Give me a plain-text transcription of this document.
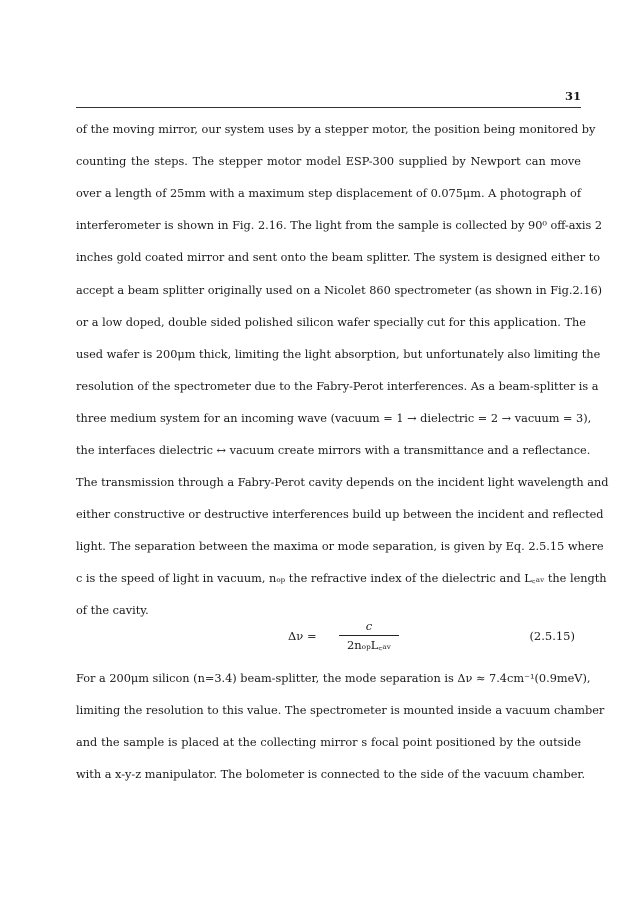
31
of the moving mirror, our system uses by a stepper motor, the position being monitored by
counting the steps. The stepper motor model ESP-300 supplied by Newport can move
over a length of 25mm with a maximum step displacement of 0.075μm. A photograph of
interferometer is shown in Fig. 2.16. The light from the sample is collected by 90⁰ off-axis 2
inches gold coated mirror and sent onto the beam splitter. The system is designed either to
accept a beam splitter originally used on a Nicolet 860 spectrometer (as shown in Fig.2.16)
or a low doped, double sided polished silicon wafer specially cut for this application. The
used wafer is 200μm thick, limiting the light absorption, but unfortunately also limiting the
resolution of the spectrometer due to the Fabry-Perot interferences. As a beam-splitter is a
three medium system for an incoming wave (vacuum = 1 → dielectric = 2 → vacuum = 3),
the interfaces dielectric ↔ vacuum create mirrors with a transmittance and a reflectance.
The transmission through a Fabry-Perot cavity depends on the incident light wavelength and
either constructive or destructive interferences build up between the incident and reflected
light. The separation between the maxima or mode separation, is given by Eq. 2.5.15 where
c is the speed of light in vacuum, nₒₚ the refractive index of the dielectric and L꜀ₐᵥ the length
of the cavity.
Δν =
c
2nₒₚL꜀ₐᵥ
(2.5.15)
For a 200μm silicon (n=3.4) beam-splitter, the mode separation is Δν ≈ 7.4cm⁻¹(0.9meV),
limiting the resolution to this value. The spectrometer is mounted inside a vacuum chamber
and the sample is placed at the collecting mirror s focal point positioned by the outside
with a x-y-z manipulator. The bolometer is connected to the side of the vacuum chamber.
